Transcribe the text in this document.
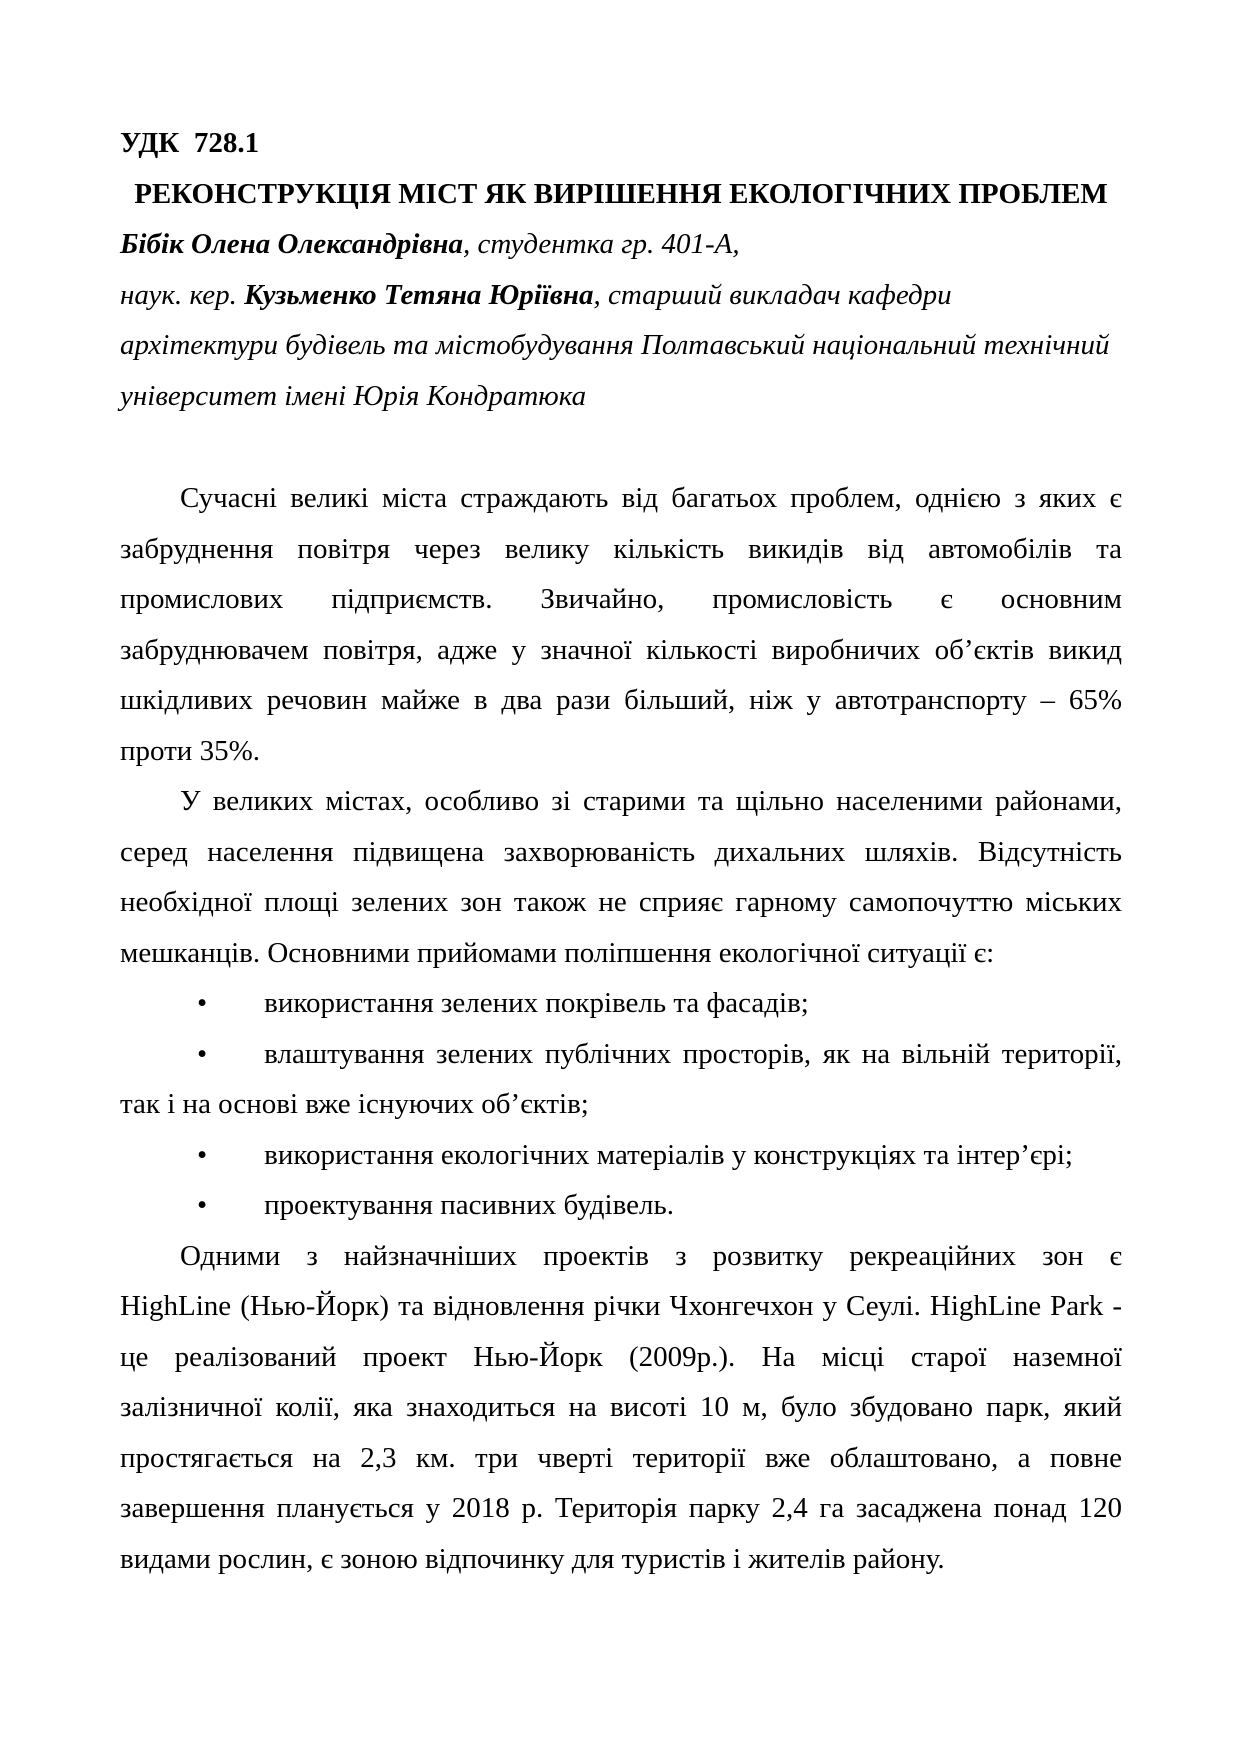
УДК  728.1
РЕКОНСТРУКЦІЯ МІСТ ЯК ВИРІШЕННЯ ЕКОЛОГІЧНИХ ПРОБЛЕМ
Бібік Олена Олександрівна, студентка гр. 401-А,
наук. кер. Кузьменко Тетяна Юріївна, старший викладач кафедри
архітектури будівель та містобудування Полтавський національний технічний
університет імені Юрія Кондратюка
Сучасні великі міста страждають від багатьох проблем, однією з яких є
забруднення повітря через велику кількість викидів від автомобілів та
промислових підприємств. Звичайно, промисловість є основним
забруднювачем повітря, адже у значної кількості виробничих об’єктів викид
шкідливих речовин майже в два рази більший, ніж у автотранспорту – 65%
проти 35%.
У великих містах, особливо зі старими та щільно населеними районами,
серед населення підвищена захворюваність дихальних шляхів. Відсутність
необхідної площі зелених зон також не сприяє гарному самопочуттю міських
мешканців. Основними прийомами поліпшення екологічної ситуації є:
• використання зелених покрівель та фасадів;
• влаштування зелених публічних просторів, як на вільній території,
так і на основі вже існуючих об’єктів;
• використання екологічних матеріалів у конструкціях та інтер’єрі;
• проектування пасивних будівель.
Одними з найзначніших проектів з розвитку рекреаційних зон є
HighLine (Нью-Йорк) та відновлення річки Чхонгечхон у Сеулі. HighLine Park -
це реалізований проект Нью-Йорк (2009р.). На місці старої наземної
залізничної колії, яка знаходиться на висоті 10 м, було збудовано парк, який
простягається на 2,3 км. три чверті території вже облаштовано, а повне
завершення планується у 2018 р. Територія парку 2,4 га засаджена понад 120
видами рослин, є зоною відпочинку для туристів і жителів району.
